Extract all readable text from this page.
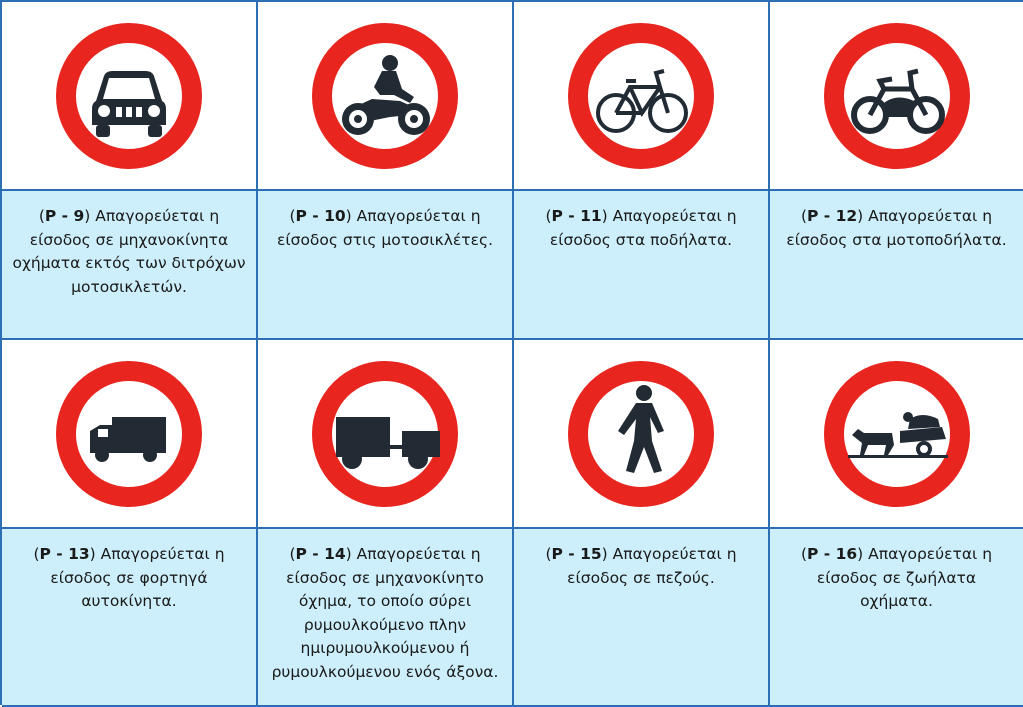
(P - 9) Απαγορεύεται η είσοδος σε μηχανοκίνητα οχήματα εκτός των διτρόχων μοτοσικλετών.
(P - 10) Απαγορεύεται η είσοδος στις μοτοσικλέτες.
(P - 11) Απαγορεύεται η είσοδος στα ποδήλατα.
(P - 12) Απαγορεύεται η είσοδος στα μοτοποδήλατα.
(P - 13) Απαγορεύεται η είσοδος σε φορτηγά αυτοκίνητα.
(P - 14) Απαγορεύεται η είσοδος σε μηχανοκίνητο όχημα, το οποίο σύρει ρυμουλκούμενο πλην ημιρυμουλκούμενου ή ρυμουλκούμενου ενός άξονα.
(P - 15) Απαγορεύεται η είσοδος σε πεζούς.
(P - 16) Απαγορεύεται η είσοδος σε ζωήλατα οχήματα.
